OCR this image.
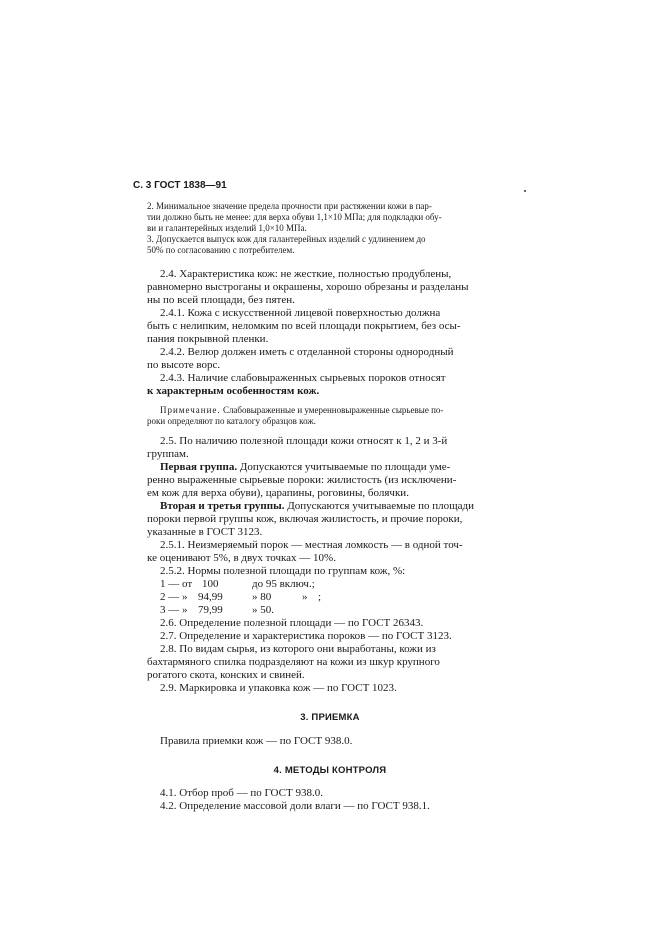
С. 3 ГОСТ 1838—91
2. Минимальное значение предела прочности при растяжении кожи в пар-
тии должно быть не менее: для верха обуви 1,1×10 МПа; для подкладки обу-
ви и галантерейных изделий 1,0×10 МПа.
3. Допускается выпуск кож для галантерейных изделий с удлинением до
50% по согласованию с потребителем.
2.4. Характеристика кож: не жесткие, полностью продублены,
равномерно выстроганы и окрашены, хорошо обрезаны и разделаны
ны по всей площади, без пятен.
2.4.1. Кожа с искусственной лицевой поверхностью должна
быть с нелипким, неломким по всей площади покрытием, без осы-
пания покрывной пленки.
2.4.2. Велюр должен иметь с отделанной стороны однородный
по высоте ворс.
2.4.3. Наличие слабовыраженных сырьевых пороков относят
к характерным особенностям кож.
Примечание. Слабовыраженные и умеренновыраженные сырьевые по-
роки определяют по каталогу образцов кож.
2.5. По наличию полезной площади кожи относят к 1, 2 и 3-й
группам.
Первая группа. Допускаются учитываемые по площади уме-
ренно выраженные сырьевые пороки: жилистость (из исключени-
ем кож для верха обуви), царапины, роговины, болячки.
Вторая и третья группы. Допускаются учитываемые по площади
пороки первой группы кож, включая жилистость, и прочие пороки,
указанные в ГОСТ 3123.
2.5.1. Неизмеряемый порок — местная ломкость — в одной точ-
ке оценивают 5%, в двух точках — 10%.
2.5.2. Нормы полезной площади по группам кож, %:
1 — от 100	до 95 включ.;
2 — » 94,99	» 80	» ;
3 — » 79,99	» 50.
2.6. Определение полезной площади — по ГОСТ 26343.
2.7. Определение и характеристика пороков — по ГОСТ 3123.
2.8. По видам сырья, из которого они выработаны, кожи из
бахтармяного спилка подразделяют на кожи из шкур крупного
рогатого скота, конских и свиней.
2.9. Маркировка и упаковка кож — по ГОСТ 1023.
3. ПРИЕМКА
Правила приемки кож — по ГОСТ 938.0.
4. МЕТОДЫ КОНТРОЛЯ
4.1. Отбор проб — по ГОСТ 938.0.
4.2. Определение массовой доли влаги — по ГОСТ 938.1.
